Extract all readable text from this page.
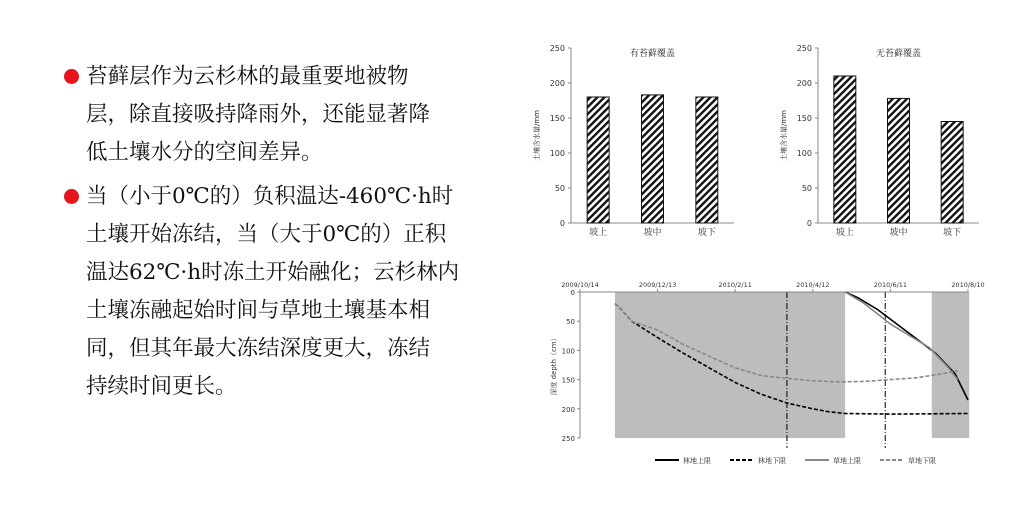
苔藓层作为云杉林的最重要地被物
层，除直接吸持降雨外，还能显著降
低土壤水分的空间差异。
当（小于0℃的）负积温达-460℃·h时
土壤开始冻结，当（大于0℃的）正积
温达62℃·h时冻土开始融化；云杉林内
土壤冻融起始时间与草地土壤基本相
同，但其年最大冻结深度更大，冻结
持续时间更长。
0
50
100
150
200
250
坡上	坡中	坡下
有苔藓覆盖
土壤含水量/mm
0
50
100
150
200
250
坡上	坡中	坡下
无苔藓覆盖
土壤含水量/mm
2009/10/14	2009/12/13	2010/2/11	2010/4/12	2010/6/11	2010/8/10
0
50
100
150
200
250
深度 depth（cm）
林地上限	林地下限	草地上限	草地下限
